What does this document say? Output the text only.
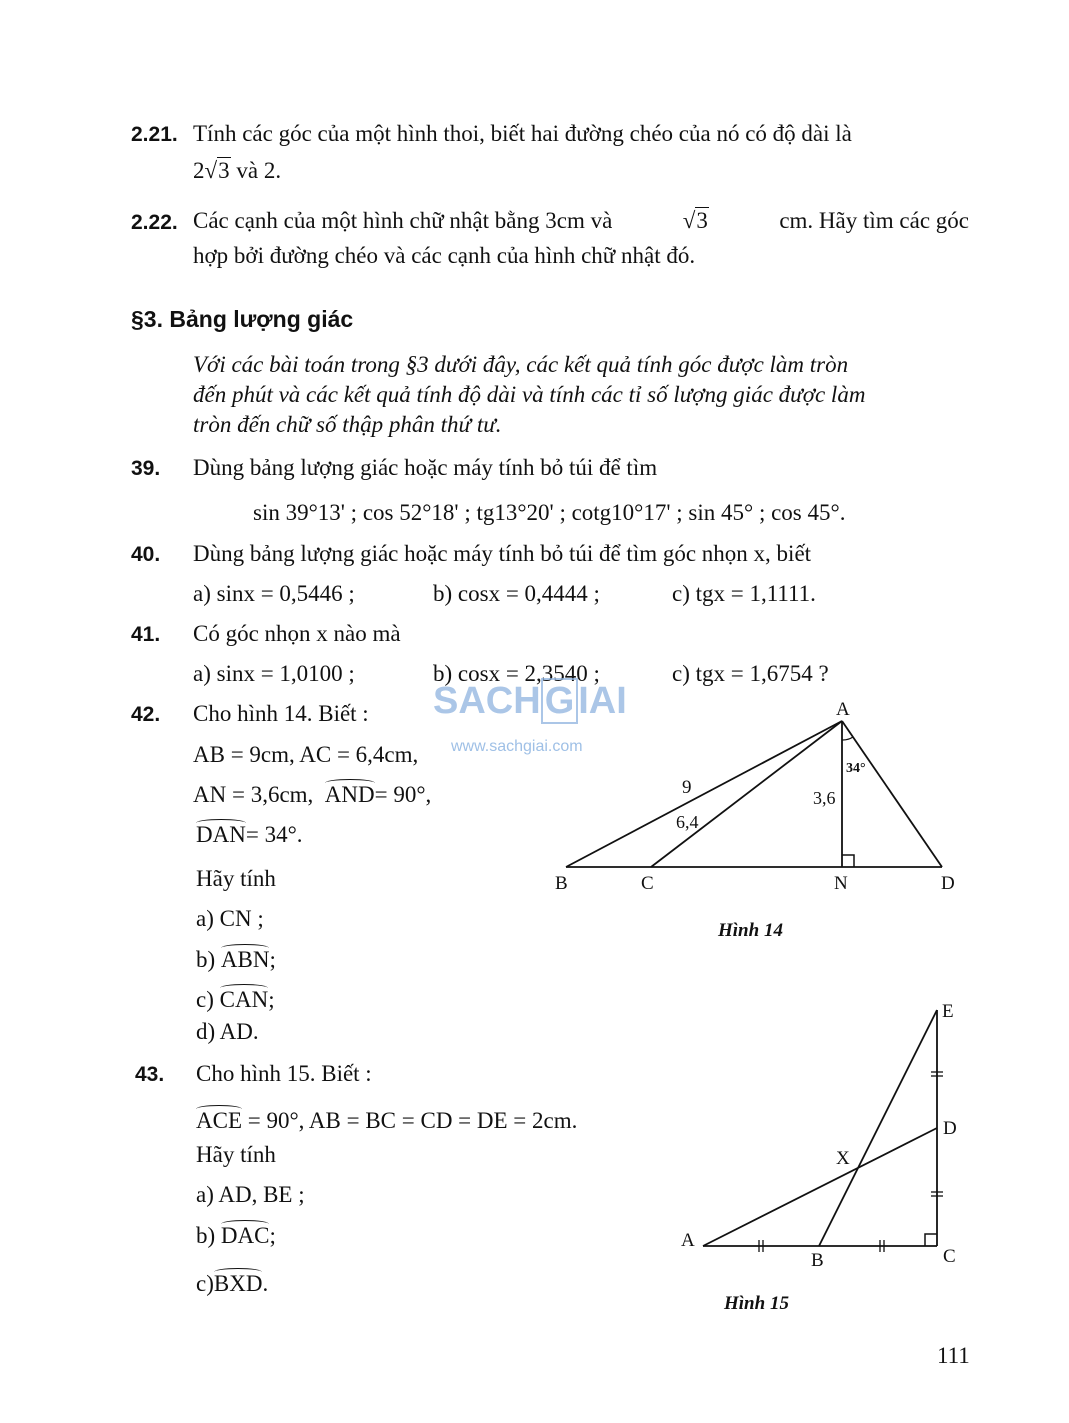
2.21. Tính các góc của một hình thoi, biết hai đường chéo của nó có độ dài là
2√3 và 2.
2.22. Các cạnh của một hình chữ nhật bằng 3cm và	√3	cm. Hãy tìm các góc
hợp bởi đường chéo và các cạnh của hình chữ nhật đó.
§3. Bảng lượng giác
Với các bài toán trong §3 dưới đây, các kết quả tính góc được làm tròn
đến phút và các kết quả tính độ dài và tính các tỉ số lượng giác được làm
tròn đến chữ số thập phân thứ tư.
39. Dùng bảng lượng giác hoặc máy tính bỏ túi để tìm
sin 39°13' ; cos 52°18' ; tg13°20' ; cotg10°17' ; sin 45° ; cos 45°.
40. Dùng bảng lượng giác hoặc máy tính bỏ túi để tìm góc nhọn x, biết
a) sinx = 0,5446 ;	b) cosx = 0,4444 ;	c) tgx = 1,1111.
41. Có góc nhọn x nào mà
a) sinx = 1,0100 ;	b) cosx = 2,3540 ;	c) tgx = 1,6754 ?
SACH G IAI
www.sachgiai.com
42. Cho hình 14. Biết :
AB = 9cm, AC = 6,4cm,
AN = 3,6cm, AND= 90°,
DAN= 34°.
Hãy tính
a) CN ;
b) ABN;
c) CAN;
d) AD.
A
B	C	N	D
9
6,4
3,6
34°
Hình 14
43. Cho hình 15. Biết :
ACE = 90°, AB = BC = CD = DE = 2cm.
Hãy tính
a) AD, BE ;
b) DAC;
c)BXD.
A
B	C
D
E
X
Hình 15
111
